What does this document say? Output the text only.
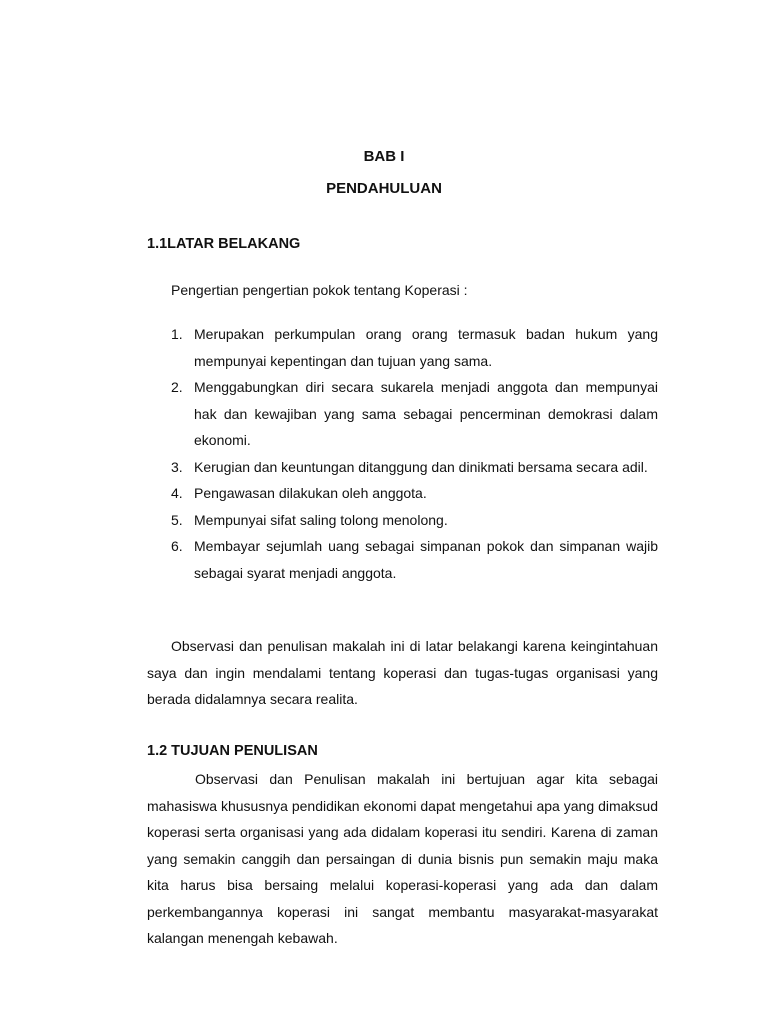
BAB I
PENDAHULUAN
1.1LATAR BELAKANG

Pengertian pengertian pokok tentang Koperasi :

1. Merupakan perkumpulan orang orang termasuk badan hukum yang mempunyai kepentingan dan tujuan yang sama.
2. Menggabungkan diri secara sukarela menjadi anggota dan mempunyai hak dan kewajiban yang sama sebagai pencerminan demokrasi dalam ekonomi.
3. Kerugian dan keuntungan ditanggung dan dinikmati bersama secara adil.
4. Pengawasan dilakukan oleh anggota.
5. Mempunyai sifat saling tolong menolong.
6. Membayar sejumlah uang sebagai simpanan pokok dan simpanan wajib sebagai syarat menjadi anggota.

Observasi dan penulisan makalah ini di latar belakangi karena keingintahuan saya dan ingin mendalami tentang koperasi dan tugas-tugas organisasi yang berada didalamnya secara realita.

1.2 TUJUAN PENULISAN

Observasi dan Penulisan makalah ini bertujuan agar kita sebagai mahasiswa khususnya pendidikan ekonomi dapat mengetahui apa yang dimaksud koperasi serta organisasi yang ada didalam koperasi itu sendiri. Karena di zaman yang semakin canggih dan persaingan di dunia bisnis pun semakin maju maka kita harus bisa bersaing melalui koperasi-koperasi yang ada dan dalam perkembangannya koperasi ini sangat membantu masyarakat-masyarakat kalangan menengah kebawah.
